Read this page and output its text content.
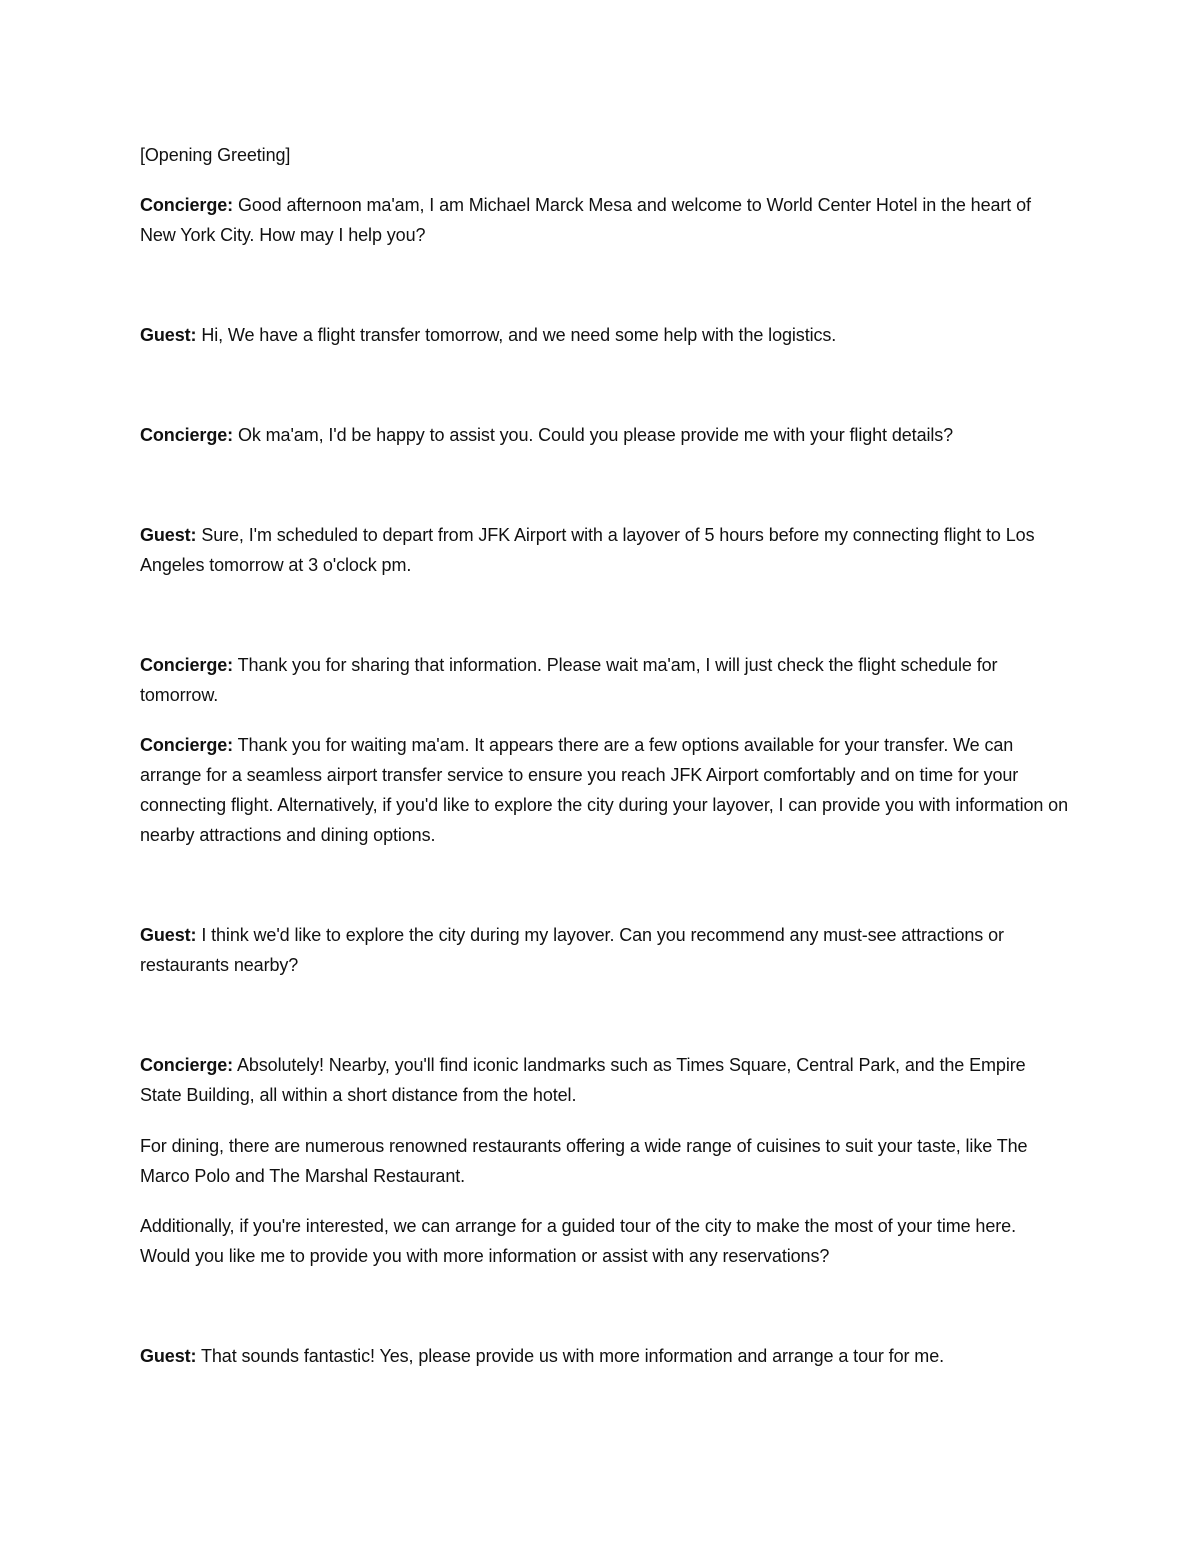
[Opening Greeting]

Concierge: Good afternoon ma'am, I am Michael Marck Mesa and welcome to World Center Hotel in the heart of New York City. How may I help you?

Guest: Hi, We have a flight transfer tomorrow, and we need some help with the logistics.

Concierge: Ok ma'am, I'd be happy to assist you. Could you please provide me with your flight details?

Guest: Sure, I'm scheduled to depart from JFK Airport with a layover of 5 hours before my connecting flight to Los Angeles tomorrow at 3 o'clock pm.

Concierge: Thank you for sharing that information. Please wait ma'am, I will just check the flight schedule for tomorrow.

Concierge: Thank you for waiting ma'am. It appears there are a few options available for your transfer. We can arrange for a seamless airport transfer service to ensure you reach JFK Airport comfortably and on time for your connecting flight. Alternatively, if you'd like to explore the city during your layover, I can provide you with information on nearby attractions and dining options.

Guest: I think we'd like to explore the city during my layover. Can you recommend any must-see attractions or restaurants nearby?

Concierge: Absolutely! Nearby, you'll find iconic landmarks such as Times Square, Central Park, and the Empire State Building, all within a short distance from the hotel.

For dining, there are numerous renowned restaurants offering a wide range of cuisines to suit your taste, like The Marco Polo and The Marshal Restaurant.

Additionally, if you're interested, we can arrange for a guided tour of the city to make the most of your time here. Would you like me to provide you with more information or assist with any reservations?

Guest: That sounds fantastic! Yes, please provide us with more information and arrange a tour for me.
